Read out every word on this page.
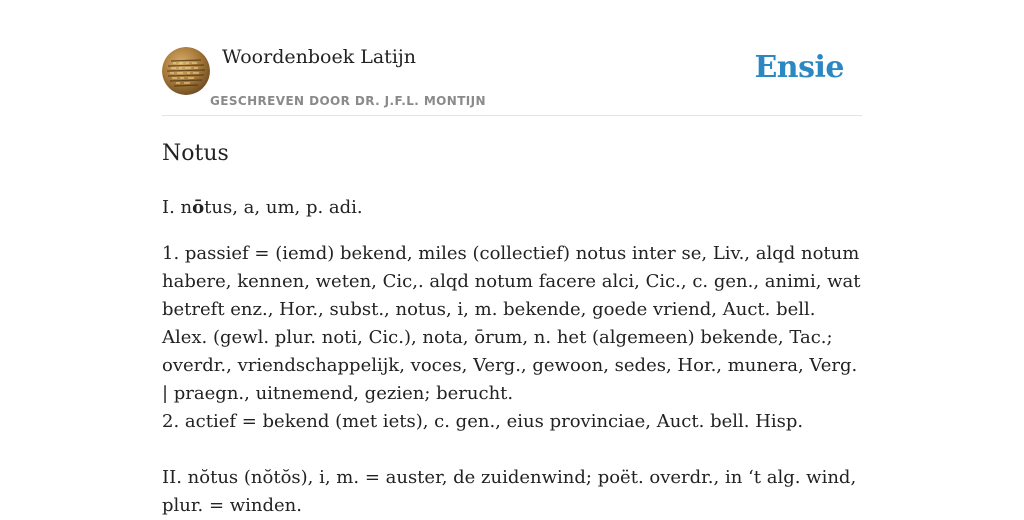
Woordenboek Latijn
GESCHREVEN DOOR DR. J.F.L. MONTIJN
Ensie
Notus

I. nōtus, a, um, p. adi.

1. passief = (iemd) bekend, miles (collectief) notus inter se, Liv., alqd notum habere, kennen, weten, Cic,. alqd notum facere alci, Cic., c. gen., animi, wat betreft enz., Hor., subst., notus, i, m. bekende, goede vriend, Auct. bell. Alex. (gewl. plur. noti, Cic.), nota, ōrum, n. het (algemeen) bekende, Tac.; overdr., vriendschappelijk, voces, Verg., gewoon, sedes, Hor., munera, Verg. | praegn., uitnemend, gezien; berucht.

2. actief = bekend (met iets), c. gen., eius provinciae, Auct. bell. Hisp.

II. nŏtus (nŏtŏs), i, m. = auster, de zuidenwind; poët. overdr., in ʻt alg. wind, plur. = winden.
